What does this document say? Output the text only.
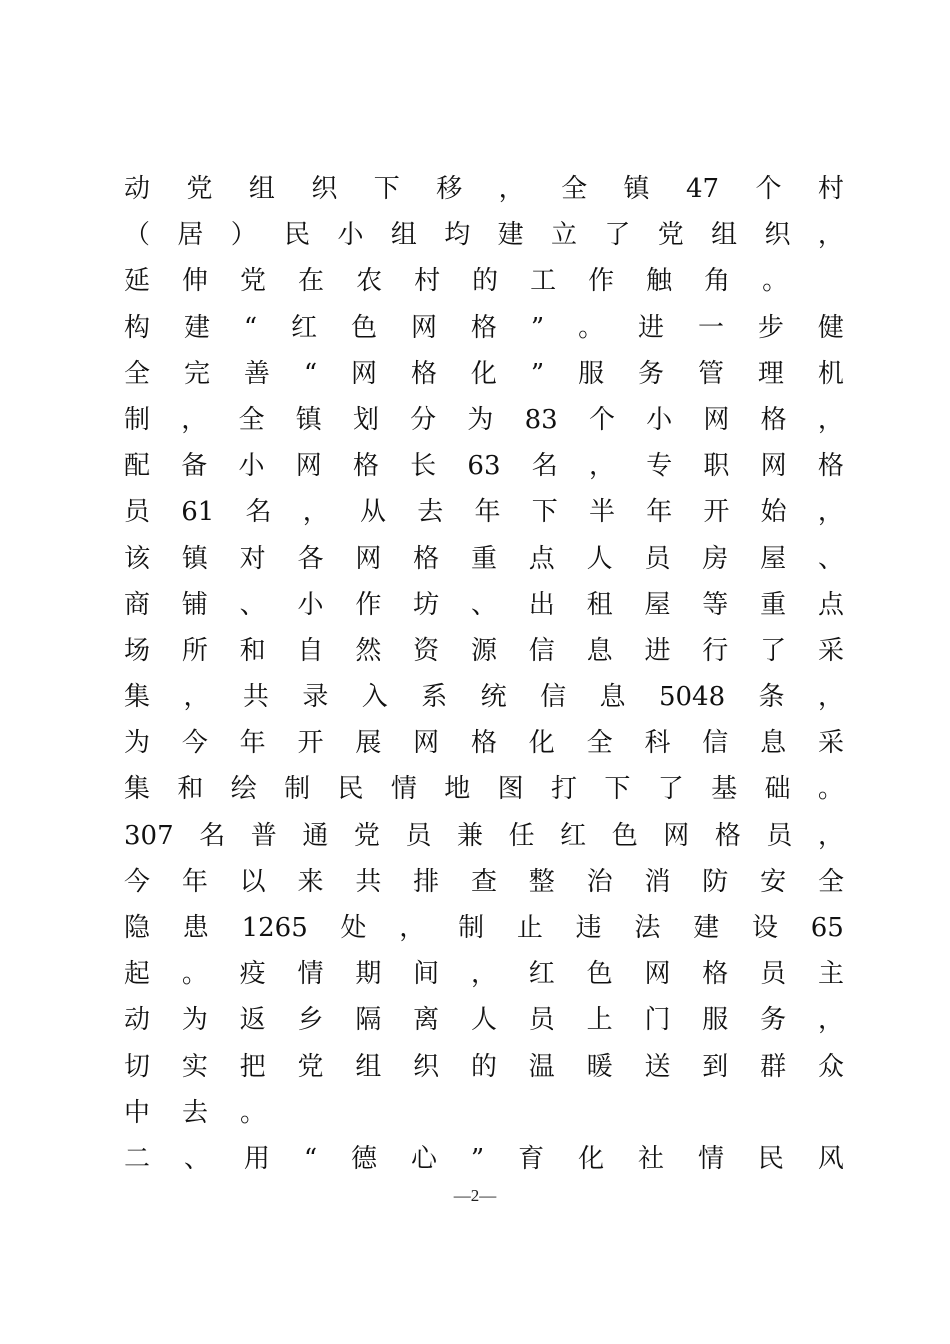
动 党 组 织 下 移 ， 全 镇 47 个 村
（ 居 ） 民 小 组 均 建 立 了 党 组 织 ，
延 伸 党 在 农 村 的 工 作 触 角 。
构 建 “ 红 色 网 格 ” 。 进 一 步 健
全 完 善 “ 网 格 化 ” 服 务 管 理 机
制 ， 全 镇 划 分 为 83 个 小 网 格 ，
配 备 小 网 格 长 63 名 ， 专 职 网 格
员 61 名 ， 从 去 年 下 半 年 开 始 ，
该 镇 对 各 网 格 重 点 人 员 房 屋 、
商 铺 、 小 作 坊 、 出 租 屋 等 重 点
场 所 和 自 然 资 源 信 息 进 行 了 采
集 ， 共 录 入 系 统 信 息 5048 条 ，
为 今 年 开 展 网 格 化 全 科 信 息 采
集 和 绘 制 民 情 地 图 打 下 了 基 础 。
307 名 普 通 党 员 兼 任 红 色 网 格 员 ，
今 年 以 来 共 排 查 整 治 消 防 安 全
隐 患 1265 处 ， 制 止 违 法 建 设 65
起 。 疫 情 期 间 ， 红 色 网 格 员 主
动 为 返 乡 隔 离 人 员 上 门 服 务 ，
切 实 把 党 组 织 的 温 暖 送 到 群 众
中 去 。
二 、 用 “ 德 心 ” 育 化 社 情 民 风
—2—
